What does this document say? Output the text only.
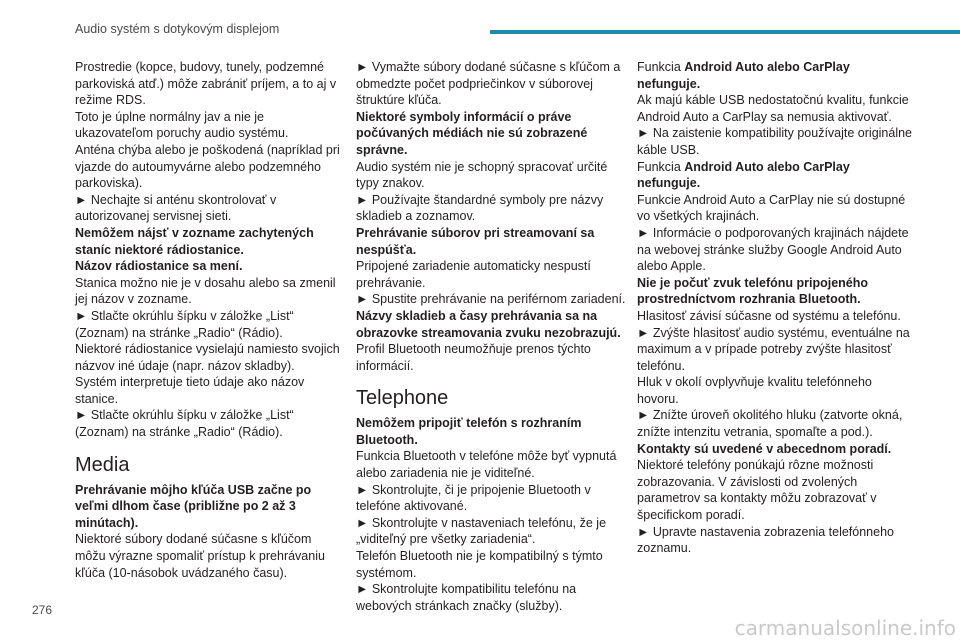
Audio systém s dotykovým displejom

Prostredie (kopce, budovy, tunely, podzemné parkoviská atď.) môže zabrániť príjem, a to aj v režime RDS.

Toto je úplne normálny jav a nie je ukazovateľom poruchy audio systému.

Anténa chýba alebo je poškodená (napríklad pri vjazde do autoumyvárne alebo podzemného parkoviska).

► Nechajte si anténu skontrolovať v autorizovanej servisnej sieti.

Nemôžem nájsť v zozname zachytených staníc niektoré rádiostanice.

Názov rádiostanice sa mení.

Stanica možno nie je v dosahu alebo sa zmenil jej názov v zozname.

► Stlačte okrúhlu šípku v záložke „List“ (Zoznam) na stránke „Radio“ (Rádio).

Niektoré rádiostanice vysielajú namiesto svojich názvov iné údaje (napr. názov skladby).

Systém interpretuje tieto údaje ako názov stanice.

► Stlačte okrúhlu šípku v záložke „List“ (Zoznam) na stránke „Radio“ (Rádio).

Media

Prehrávanie môjho kľúča USB začne po veľmi dlhom čase (približne po 2 až 3 minútach).

Niektoré súbory dodané súčasne s kľúčom môžu výrazne spomaliť prístup k prehrávaniu kľúča (10-násobok uvádzaného času).

► Vymažte súbory dodané súčasne s kľúčom a obmedzte počet podpriečinkov v súborovej štruktúre kľúča.

Niektoré symboly informácií o práve počúvaných médiách nie sú zobrazené správne.

Audio systém nie je schopný spracovať určité typy znakov.

► Používajte štandardné symboly pre názvy skladieb a zoznamov.

Prehrávanie súborov pri streamovaní sa nespúšťa.

Pripojené zariadenie automaticky nespustí prehrávanie.

► Spustite prehrávanie na periférnom zariadení.

Názvy skladieb a časy prehrávania sa na obrazovke streamovania zvuku nezobrazujú.

Profil Bluetooth neumožňuje prenos týchto informácií.

Telephone

Nemôžem pripojiť telefón s rozhraním Bluetooth.

Funkcia Bluetooth v telefóne môže byť vypnutá alebo zariadenia nie je viditeľné.

► Skontrolujte, či je pripojenie Bluetooth v telefóne aktivované.

► Skontrolujte v nastaveniach telefónu, že je „viditeľný pre všetky zariadenia“.

Telefón Bluetooth nie je kompatibilný s týmto systémom.

► Skontrolujte kompatibilitu telefónu na webových stránkach značky (služby).

Funkcia Android Auto alebo CarPlay nefunguje.

Ak majú káble USB nedostatočnú kvalitu, funkcie Android Auto a CarPlay sa nemusia aktivovať.

► Na zaistenie kompatibility používajte originálne káble USB.

Funkcia Android Auto alebo CarPlay nefunguje.

Funkcie Android Auto a CarPlay nie sú dostupné vo všetkých krajinách.

► Informácie o podporovaných krajinách nájdete na webovej stránke služby Google Android Auto alebo Apple.

Nie je počuť zvuk telefónu pripojeného prostredníctvom rozhrania Bluetooth.

Hlasitosť závisí súčasne od systému a telefónu.

► Zvýšte hlasitosť audio systému, eventuálne na maximum a v prípade potreby zvýšte hlasitosť telefónu.

Hluk v okolí ovplyvňuje kvalitu telefónneho hovoru.

► Znížte úroveň okolitého hluku (zatvorte okná, znížte intenzitu vetrania, spomaľte a pod.).

Kontakty sú uvedené v abecednom poradí.

Niektoré telefóny ponúkajú rôzne možnosti zobrazovania. V závislosti od zvolených parametrov sa kontakty môžu zobrazovať v špecifickom poradí.

► Upravte nastavenia zobrazenia telefónneho zoznamu.

276
carmanualsonline.info
